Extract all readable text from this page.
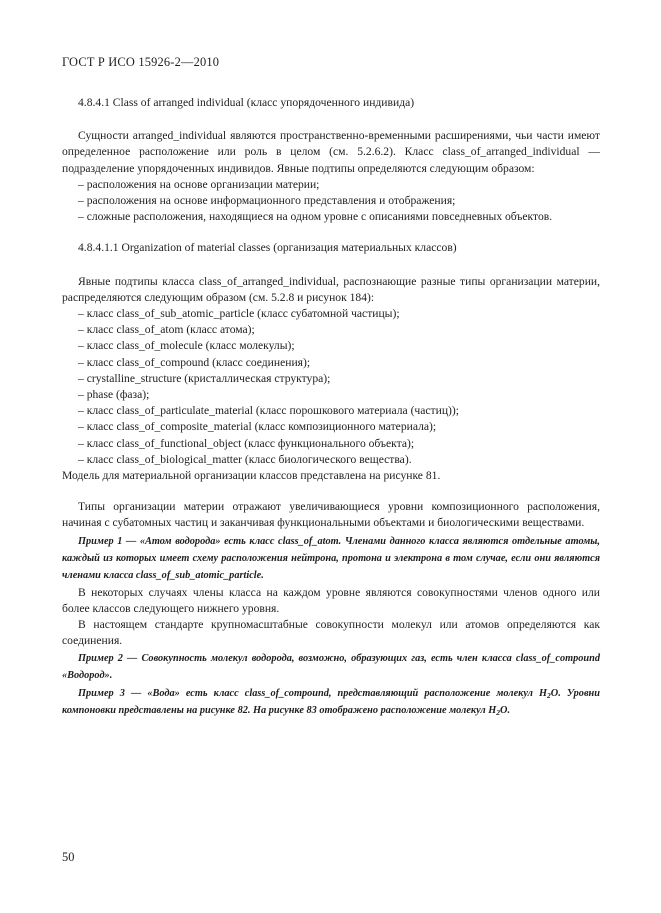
ГОСТ Р ИСО 15926-2—2010

4.8.4.1 Class of arranged individual (класс упорядоченного индивида)

Сущности arranged_individual являются пространственно-временными расширениями, чьи части имеют определенное расположение или роль в целом (см. 5.2.6.2). Класс class_of_arranged_individual — подразделение упорядоченных индивидов. Явные подтипы определяются следующим образом:

– расположения на основе организации материи;
– расположения на основе информационного представления и отображения;
– сложные расположения, находящиеся на одном уровне с описаниями повседневных объектов.

4.8.4.1.1 Organization of material classes (организация материальных классов)

Явные подтипы класса class_of_arranged_individual, распознающие разные типы организации материи, распределяются следующим образом (см. 5.2.8 и рисунок 184):

– класс class_of_sub_atomic_particle (класс субатомной частицы);
– класс class_of_atom (класс атома);
– класс class_of_molecule (класс молекулы);
– класс class_of_compound (класс соединения);
– crystalline_structure (кристаллическая структура);
– phase (фаза);
– класс class_of_particulate_material (класс порошкового материала (частиц));
– класс class_of_composite_material (класс композиционного материала);
– класс class_of_functional_object (класс функционального объекта);
– класс class_of_biological_matter (класс биологического вещества).

Модель для материальной организации классов представлена на рисунке 81.

Типы организации материи отражают увеличивающиеся уровни композиционного расположения, начиная с субатомных частиц и заканчивая функциональными объектами и биологическими веществами.

Пример 1 — «Атом водорода» есть класс class_of_atom. Членами данного класса являются отдельные атомы, каждый из которых имеет схему расположения нейтрона, протона и электрона в том случае, если они являются членами класса class_of_sub_atomic_particle.

В некоторых случаях члены класса на каждом уровне являются совокупностями членов одного или более классов следующего нижнего уровня.

В настоящем стандарте крупномасштабные совокупности молекул или атомов определяются как соединения.

Пример 2 — Совокупность молекул водорода, возможно, образующих газ, есть член класса class_of_compound «Водород».

Пример 3 — «Вода» есть класс class_of_compound, представляющий расположение молекул $H_2O$. Уровни компоновки представлены на рисунке 82. На рисунке 83 отображено расположение молекул $H_2O$.

50
